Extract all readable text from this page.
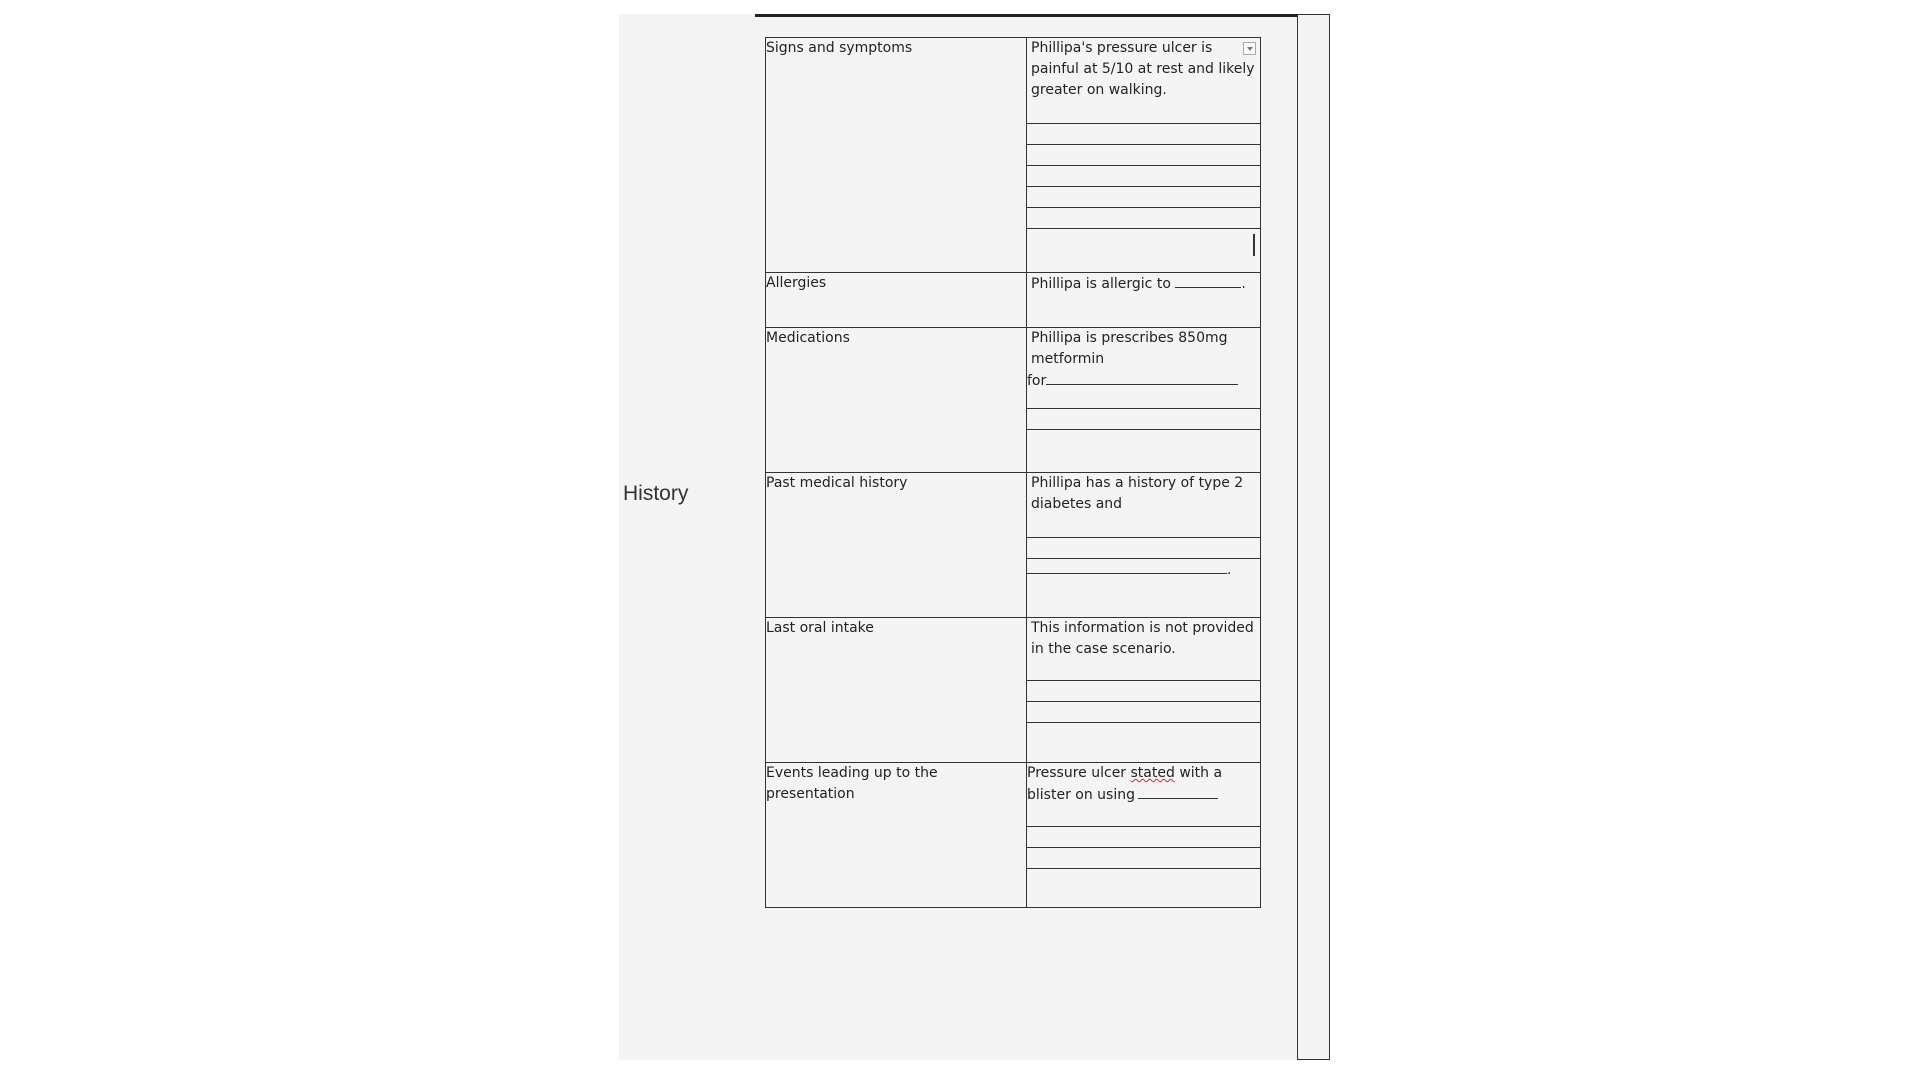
History
Signs and symptoms	Phillipa's pressure ulcer is painful at 5/10 at rest and likely greater on walking.

Allergies	Phillipa is allergic to .
Medications	Phillipa is prescribes 850mg metformin
for

Past medical history	Phillipa has a history of type 2 diabetes and
.

Last oral intake	This information is not provided in the case scenario.

Events leading up to the presentation	Pressure ulcer stated with a blister on using
